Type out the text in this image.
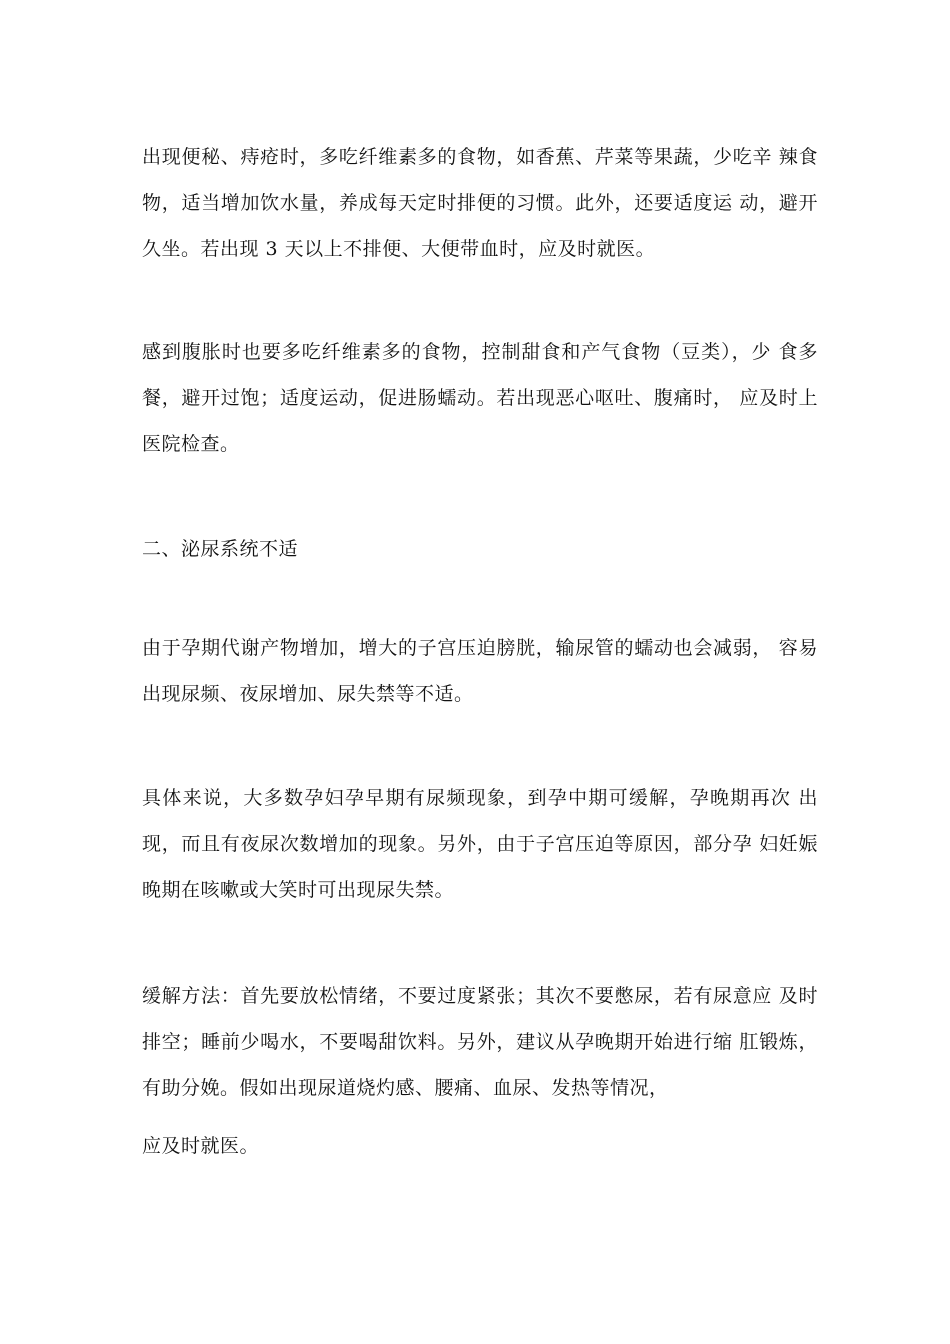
出现便秘、痔疮时，多吃纤维素多的食物，如香蕉、芹菜等果蔬，少吃辛 辣食物，适当增加饮水量，养成每天定时排便的习惯。此外，还要适度运 动，避开久坐。若出现 3 天以上不排便、大便带血时，应及时就医。

感到腹胀时也要多吃纤维素多的食物，控制甜食和产气食物（豆类），少 食多餐，避开过饱；适度运动，促进肠蠕动。若出现恶心呕吐、腹痛时， 应及时上医院检查。

二、泌尿系统不适

由于孕期代谢产物增加，增大的子宫压迫膀胱，输尿管的蠕动也会减弱， 容易出现尿频、夜尿增加、尿失禁等不适。

具体来说，大多数孕妇孕早期有尿频现象，到孕中期可缓解，孕晚期再次 出现，而且有夜尿次数增加的现象。另外，由于子宫压迫等原因，部分孕 妇妊娠晚期在咳嗽或大笑时可出现尿失禁。

缓解方法：首先要放松情绪，不要过度紧张；其次不要憋尿，若有尿意应 及时排空；睡前少喝水，不要喝甜饮料。另外，建议从孕晚期开始进行缩 肛锻炼，有助分娩。假如出现尿道烧灼感、腰痛、血尿、发热等情况，

应及时就医。
